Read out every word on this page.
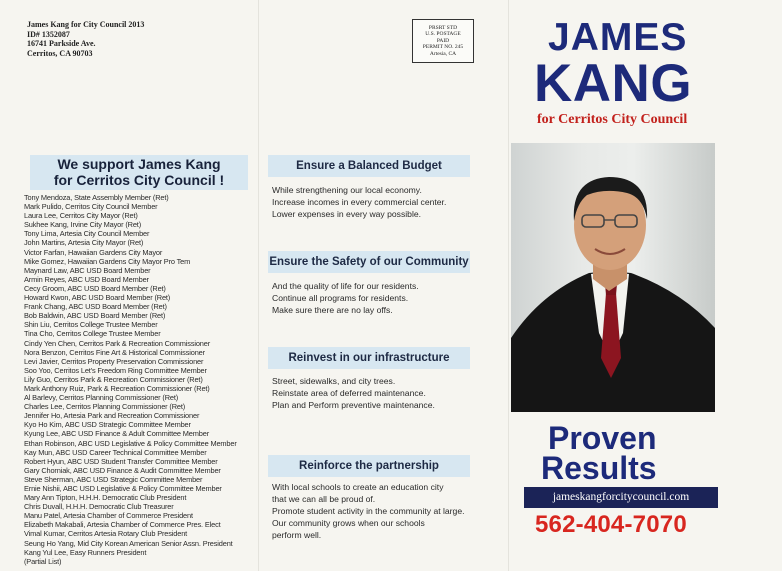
James Kang for City Council 2013
ID# 1352087
16741 Parkside Ave.
Cerritos, CA 90703
PRSRT STD
U.S. POSTAGE
PAID
PERMIT NO. 245
Artesia, CA
We support James Kang
for Cerritos City Council !
Tony Mendoza, State Assembly Member (Ret)
Mark Pulido, Cerritos City Council Member
Laura Lee, Cerritos City Mayor (Ret)
Sukhee Kang, Irvine City Mayor (Ret)
Tony Lima, Artesia City Council Member
John Martins, Artesia City Mayor (Ret)
Victor Farfan, Hawaiian Gardens City Mayor
Mike Gomez, Hawaiian Gardens City Mayor Pro Tem
Maynard Law, ABC USD Board Member
Armin Reyes, ABC USD Board Member
Cecy Groom, ABC USD Board Member (Ret)
Howard Kwon, ABC USD Board Member (Ret)
Frank Chang, ABC USD Board Member (Ret)
Bob Baldwin, ABC USD Board Member (Ret)
Shin Liu, Cerritos College Trustee Member
Tina Cho, Cerritos College Trustee Member
Cindy Yen Chen, Cerritos Park & Recreation Commissioner
Nora Benzon, Cerritos Fine Art & Historical Commissioner
Levi Javier, Cerritos Property Preservation Commissioner
Soo Yoo, Cerritos Let's Freedom Ring Committee Member
Lily Guo, Cerritos Park & Recreation Commissioner (Ret)
Mark Anthony Ruiz, Park & Recreation Commissioner (Ret)
Al Barlevy, Cerritos Planning Commissioner (Ret)
Charles Lee, Cerritos Planning Commissioner (Ret)
Jennifer Ho, Artesia Park and Recreation Commissioner
Kyo Ho Kim, ABC USD Strategic Committee Member
Kyung Lee, ABC USD Finance & Adult Committee Member
Ethan Robinson, ABC USD Legislative & Policy Committee Member
Kay Mun, ABC USD Career Technical Committee Member
Robert Hyun, ABC USD Student Transfer Committee Member
Gary Chorniak, ABC USD Finance & Audit Committee Member
Steve Sherman, ABC USD Strategic Committee Member
Ernie Nishii, ABC USD Legislative & Policy Committee Member
Mary Ann Tipton, H.H.H. Democratic Club President
Chris Duvall, H.H.H. Democratic Club Treasurer
Manu Patel, Artesia Chamber of Commerce President
Elizabeth Makabali, Artesia Chamber of Commerce Pres. Elect
Vimal Kumar, Cerritos Artesia Rotary Club President
Seung Ho Yang, Mid City Korean American Senior Assn. President
Kang Yul Lee, Easy Runners President
(Partial List)
Ensure a Balanced Budget
While strengthening our local economy.
Increase incomes in every commercial center.
Lower expenses in every way possible.
Ensure the Safety of our Community
And the quality of life for our residents.
Continue all programs for residents.
Make sure there are no lay offs.
Reinvest in our infrastructure
Street, sidewalks, and city trees.
Reinstate area of deferred maintenance.
Plan and Perform preventive maintenance.
Reinforce the partnership
With local schools to create an education city
that we can all be proud of.
Promote student activity in the community at large.
Our community grows when our schools
perform well.
JAMES
KANG
for Cerritos City Council
Proven
Results
jameskangforcitycouncil.com
562-404-7070
